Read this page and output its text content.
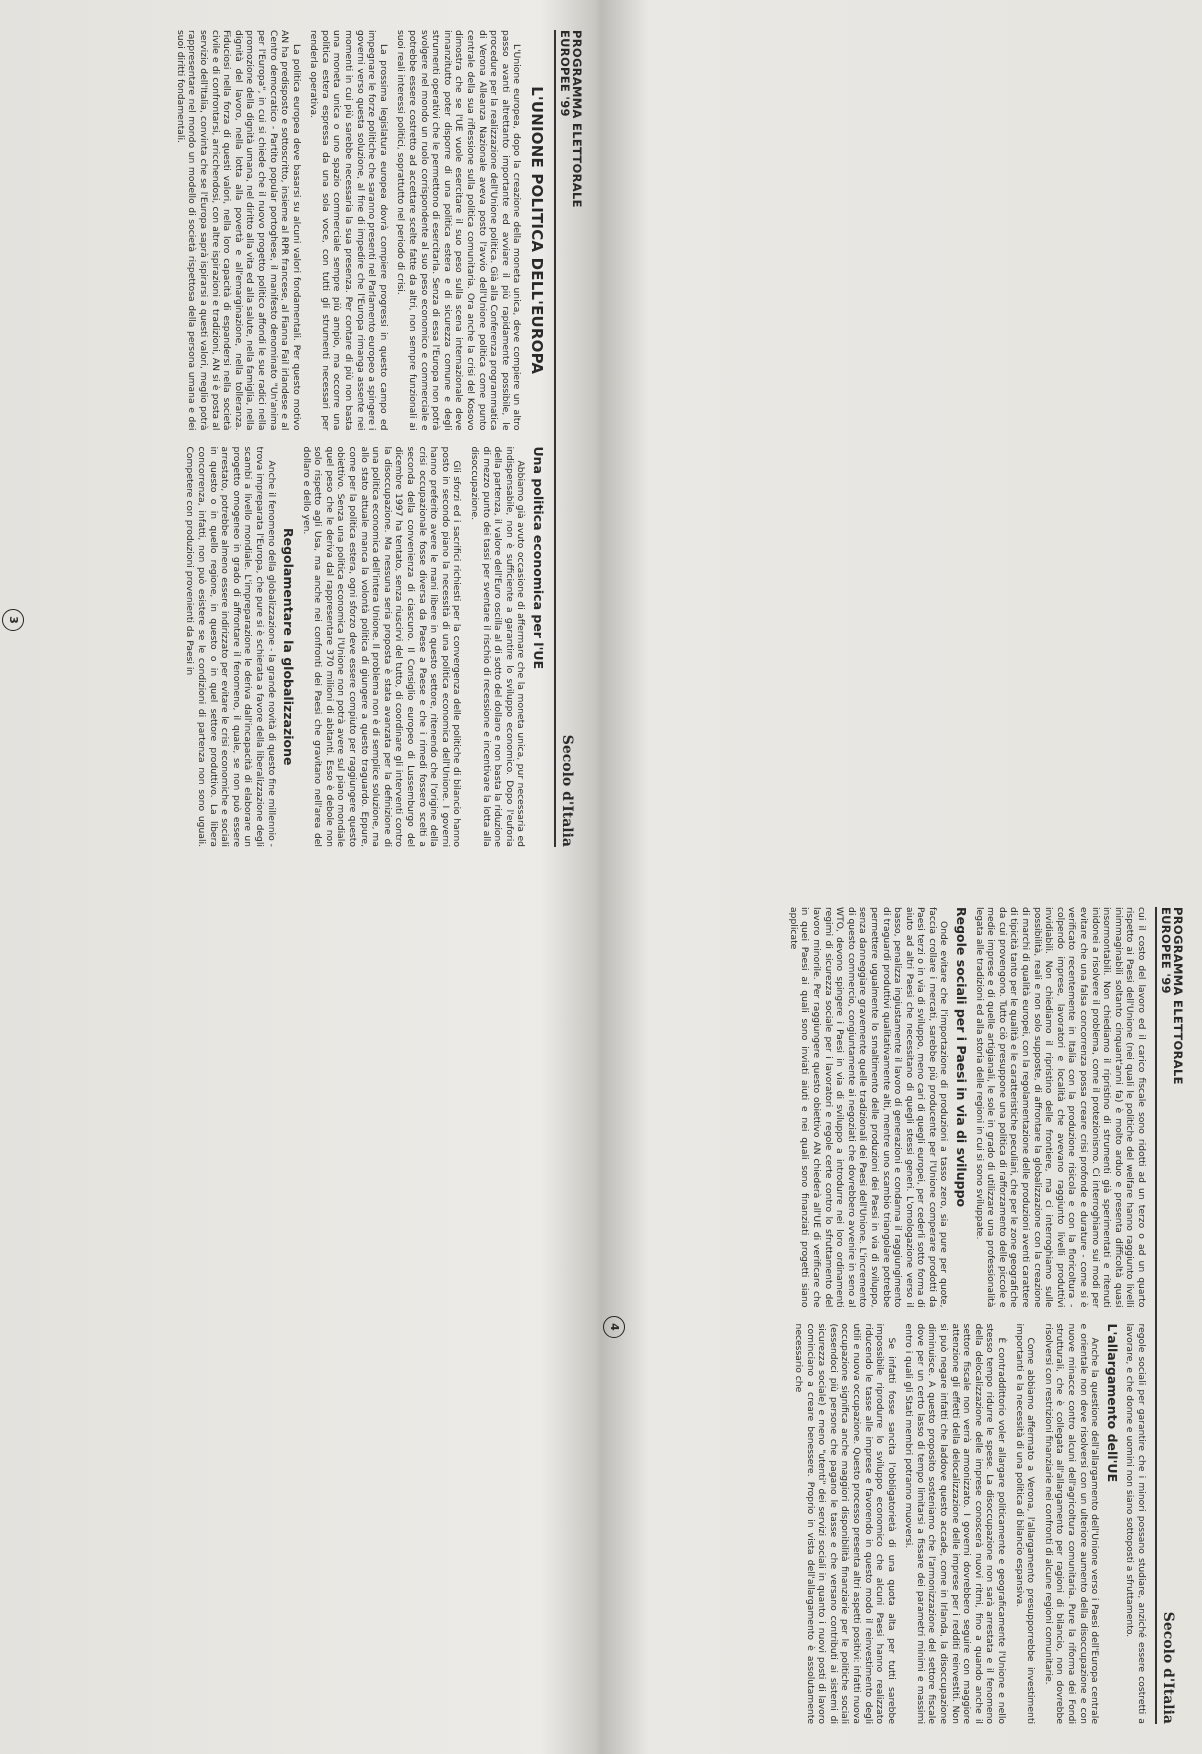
PROGRAMMA ELETTORALE
EUROPEE '99
Secolo d'Italia
L'UNIONE POLITICA DELL'EUROPA

L'Unione europea, dopo la creazione della moneta unica, deve compiere un altro passo avanti altrettanto importante ed avviare il più rapidamente possibile, le procedure per la realizzazione dell'Unione politica. Già alla Conferenza programmatica di Verona Alleanza Nazionale aveva posto l'avvio dell'Unione politica come punto centrale della sua riflessione sulla politica comunitaria. Ora anche la crisi del Kosovo dimostra che se l'UE vuole esercitare il suo peso sulla scena internazionale deve innanzitutto poter disporre di una politica estera e di sicurezza comune e degli strumenti operativi che le permettono di esercitarla. Senza di essa l'Europa non potrà svolgere nel mondo un ruolo corrispondente al suo peso economico e commerciale e potrebbe essere costretto ad accettare scelte fatte da altri, non sempre funzionali ai suoi reali interessi politici, soprattutto nel periodo di crisi.

La prossima legislatura europea dovrà compiere progressi in questo campo ed impegnare le forze politiche che saranno presenti nel Parlamento europeo a spingere i governi verso questa soluzione, al fine di impedire che l'Europa rimanga assente nei momenti in cui più sarebbe necessaria la sua presenza. Per contare di più non basta una moneta unica o uno spazio commerciale sempre più ampio, ma occorre una politica estera espressa da una sola voce, con tutti gli strumenti necessari per renderla operativa.

La politica europea deve basarsi su alcuni valori fondamentali. Per questo motivo AN ha predisposto e sottoscritto, insieme al RPR francese, al Fianna Fail irlandese e al Centro democratico - Partito popular portoghese, il manifesto denominato "Un'anima per l'Europa", in cui si chiede che il nuovo progetto politico affondi le sue radici nella promozione della dignità umana, nel diritto alla vita ed alla salute, nella famiglia, nella dignità del lavoro, nella lotta alla povertà e all'emarginazione, nella tolleranza. Fiduciosi nella forza di questi valori, nella loro capacità di espandersi nella società civile e di confrontarsi, arricchendosi, con altre ispirazioni e tradizioni, AN si è posta al servizio dell'Italia, convinta che se l'Europa saprà ispirarsi a questi valori, meglio potrà rappresentare nel mondo un modello di società rispettosa della persona umana e dei suoi diritti fondamentali.

Una politica economica per l'UE

Abbiamo già avuto occasione di affermare che la moneta unica, pur necessaria ed indispensabile, non è sufficiente a garantire lo sviluppo economico. Dopo l'euforia della partenza, il valore dell'Euro oscilla al di sotto del dollaro e non basta la riduzione di mezzo punto dei tassi per sventare il rischio di recessione e incentivare la lotta alla disoccupazione.

Gli sforzi ed i sacrifici richiesti per la convergenza delle politiche di bilancio hanno posto in secondo piano la necessità di una politica economica dell'Unione. I governi hanno preferito avere le mani libere in questo settore, ritenendo che l'origine della crisi occupazionale fosse diversa da Paese a Paese e che i rimedi fossero scelti a seconda della convenienza di ciascuno. Il Consiglio europeo di Lussemburgo del dicembre 1997 ha tentato, senza riuscirvi del tutto, di coordinare gli interventi contro la disoccupazione. Ma nessuna seria proposta è stata avanzata per la definizione di una politica economica dell'intera Unione. Il problema non è di semplice soluzione, ma allo stato attuale manca la volontà politica di giungere a questo traguardo. Eppure, come per la politica estera, ogni sforzo deve essere compiuto per raggiungere questo obiettivo. Senza una politica economica l'Unione non potrà avere sul piano mondiale quel peso che le deriva dal rappresentare 370 milioni di abitanti. Esso è debole non solo rispetto agli Usa, ma anche nei confronti dei Paesi che gravitano nell'area del dollaro e dello yen.

Regolamentare la globalizzazione

Anche il fenomeno della globalizzazione - la grande novità di questo fine millennio - trova impreparata l'Europa, che pure si è schierata a favore della liberalizzazione degli scambi a livello mondiale. L'impreparazione le deriva dall'incapacità di elaborare un progetto omogeneo in grado di affrontare il fenomeno, il quale, se non può essere arrestato, potrebbe almeno essere indirizzato per evitare le crisi economiche e sociali in questo o in quello regione, in questo o in quel settore produttivo. La libera concorrenza, infatti, non può esistere se le condizioni di partenza non sono uguali. Competere con produzioni provenienti da Paesi in

3
PROGRAMMA ELETTORALE
EUROPEE '99
Secolo d'Italia

cui il costo del lavoro ed il carico fiscale sono ridotti ad un terzo o ad un quarto rispetto ai Paesi dell'Unione (nei quali le politiche del welfare hanno raggiunto livelli inimmaginabili soltanto cinquant'anni fa) è molto arduo e presenta difficoltà quasi insormontabili. Non chiediamo il ripristino di strumenti già sperimentati e ritenuti inidonei a risolvere il problema, come il protezionismo. Ci interroghiamo sui modi per evitare che una falsa concorrenza possa creare crisi profonde e durature - come si è verificato recentemente in Italia con la produzione risicola e con la floricoltura - colpendo imprese, lavoratori e località che avevano raggiunto livelli produttivi invidiabili. Non chiediamo il ripristino delle frontiere, ma ci interroghiamo sulle possibilità, reali e non solo supposte, di affrontare la globalizzazione con la creazione di marchi di qualità europei, con la regolamentazione delle produzioni aventi carattere di tipicità tanto per le qualità e le caratteristiche peculiari, che per le zone geografiche da cui provengono. Tutto ciò presuppone una politica di rafforzamento delle piccole e medie imprese e di quelle artigianali, le sole in grado di utilizzare una professionalità legata alle tradizioni ed alla storia delle regioni in cui si sono sviluppate.

Regole sociali per i Paesi in via di sviluppo

Onde evitare che l'importazione di produzioni a tasso zero, sia pure per quote, faccia crollare i mercati, sarebbe più producente per l'Unione comperare prodotti da Paesi terzi o in via di sviluppo, meno cari di quegli europei, per cederli sotto forma di aiuto ad altri Paesi che necessitano di quegli stessi generi. L'omologazione verso il basso, penalizza ingiustamente il lavoro di generazioni e condanna il raggiungimento di traguardi produttivi qualitativamente alti, mentre uno scambio triangolare potrebbe permettere ugualmente lo smaltimento delle produzioni dei Paesi in via di sviluppo, senza danneggiare gravemente quelle tradizionali dei Paesi dell'Unione. L'incremento di questo commercio, congiuntamente ai negoziati che dovrebbero avvenire in seno al WTO, devono spingere i Paesi in via di sviluppo a introdurre nei loro ordinamenti regimi di sicurezza sociale per i lavoratori e regole certe contro lo sfruttamento del lavoro minorile. Per raggiungere questo obiettivo AN chiederà all'UE di verificare che in quei Paesi ai quali sono inviati aiuti e nei quali sono finanziati progetti siano applicate

regole sociali per garantire che i minori possano studiare, anziché essere costretti a lavorare, e che donne e uomini non siano sottoposti a sfruttamento.

L'allargamento dell'UE

Anche la questione dell'allargamento dell'Unione verso i Paesi dell'Europa centrale e orientale non deve risolversi con un ulteriore aumento della disoccupazione e con nuove minacce contro alcuni dell'agricoltura comunitaria. Pure la riforma dei Fondi strutturali, che è collegata all'allargamento per ragioni di bilancio, non dovrebbe risolversi con restrizioni finanziarie nei confronti di alcune regioni comunitarie.

Come abbiamo affermato a Verona, l'allargamento presupporrebbe investimenti importanti e la necessità di una politica di bilancio espansiva.

È contraddittorio voler allargare politicamente e geograficamente l'Unione e nello stesso tempo ridurre le spese. La disoccupazione non sarà arrestata e il fenomeno della delocalizzazione delle imprese conoscerà nuovi ritmi, fino a quando anche il settore fiscale non verrà armonizzato. I governi dovrebbero seguire con maggiore attenzione gli effetti della delocalizzazione delle imprese per i redditi reinvestiti. Non si può negare infatti che laddove questo accade, come in Irlanda, la disoccupazione diminuisce. A questo proposito sosteniamo che l'armonizzazione del settore fiscale dove per un certo lasso di tempo limitarsi a fissare dei parametri minimi e massimi entro i quali gli Stati membri potranno muoversi.

Se infatti fosse sancita l'obbligatorietà di una quota alta per tutti sarebbe impossibile riprodurre lo sviluppo economico che alcuni Paesi hanno realizzato riducendo le tasse alle imprese e favorendo in questo modo il reinvestimento degli utili e nuova occupazione. Questo processo presenta altri aspetti positivi: infatti nuova occupazione significa anche maggiori disponibilità finanziarie per le politiche sociali (essendoci più persone che pagano le tasse e che versano contributi ai sistemi di sicurezza sociale) e meno "utenti" dei servizi sociali in quanto i nuovi posti di lavoro cominciano a creare benessere. Proprio in vista dell'allargamento è assolutamente necessario che

4
